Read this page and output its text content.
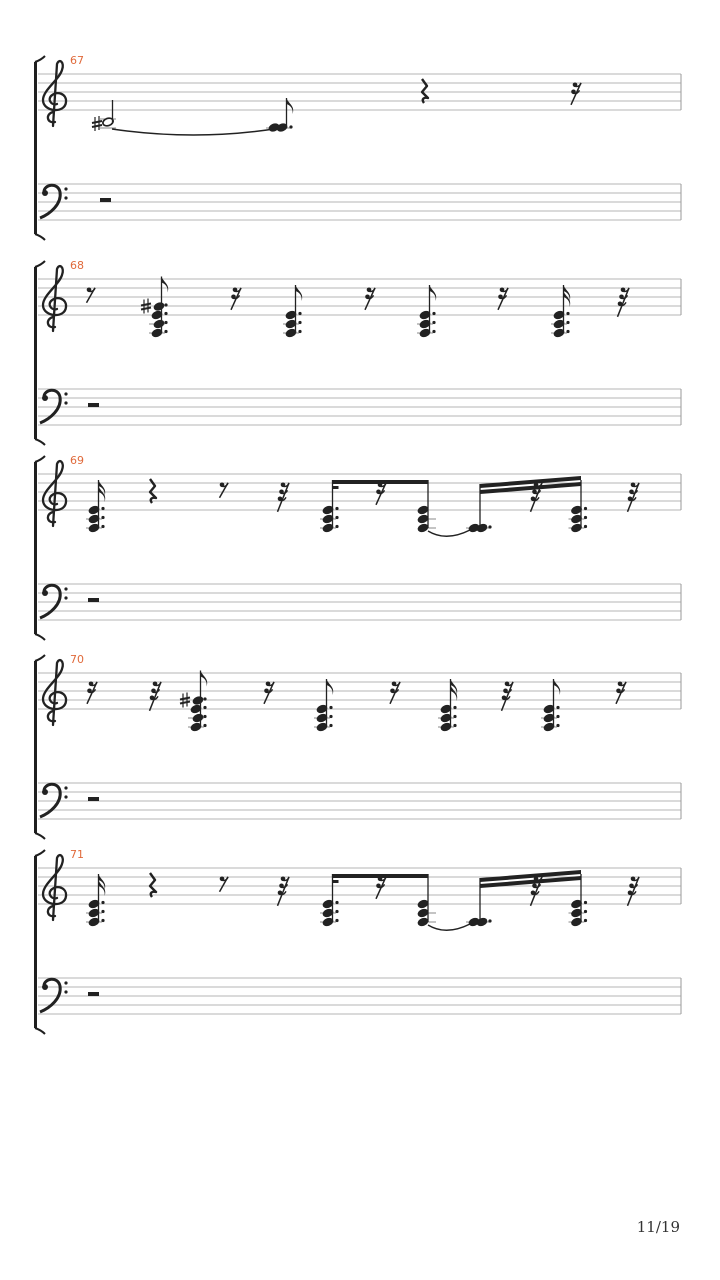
67
68
69
70
71
11/19
